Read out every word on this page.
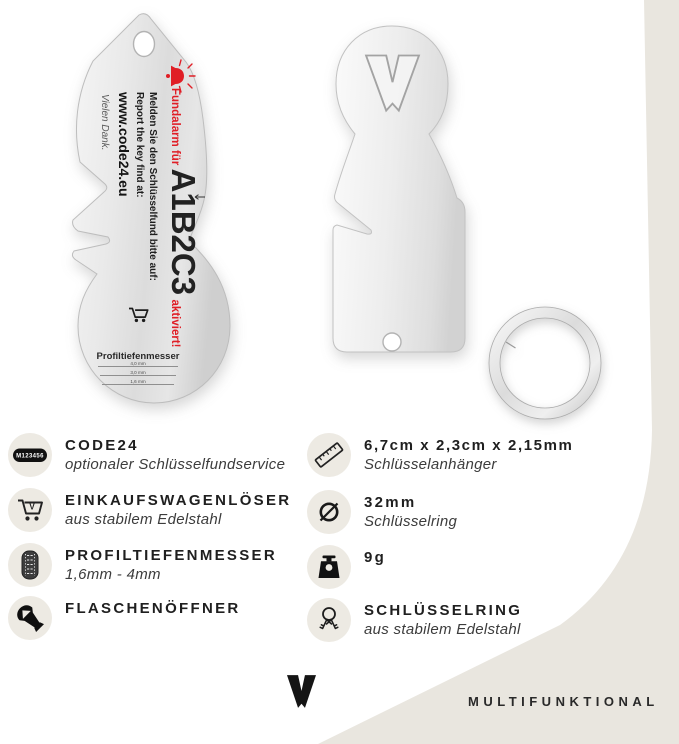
Fundalarm für A1B2C3 aktiviert!
Melden Sie den Schlüsselfund bitte auf:
Report the key find at:
www.code24.eu
Vielen Dank.
Profiltiefenmesser
4,0 mm
3,0 mm
1,6 mm
M123456
CODE24
optionaler Schlüsselfundservice
V EINKAUFSWAGENLÖSER
aus stabilem Edelstahl
PROFILTIEFENMESSER
1,6mm - 4mm
FLASCHENÖFFNER
6,7cm x 2,3cm x 2,15mm
Schlüsselanhänger
32mm
Schlüsselring
9g
SCHLÜSSELRING
aus stabilem Edelstahl
MULTIFUNKTIONAL
